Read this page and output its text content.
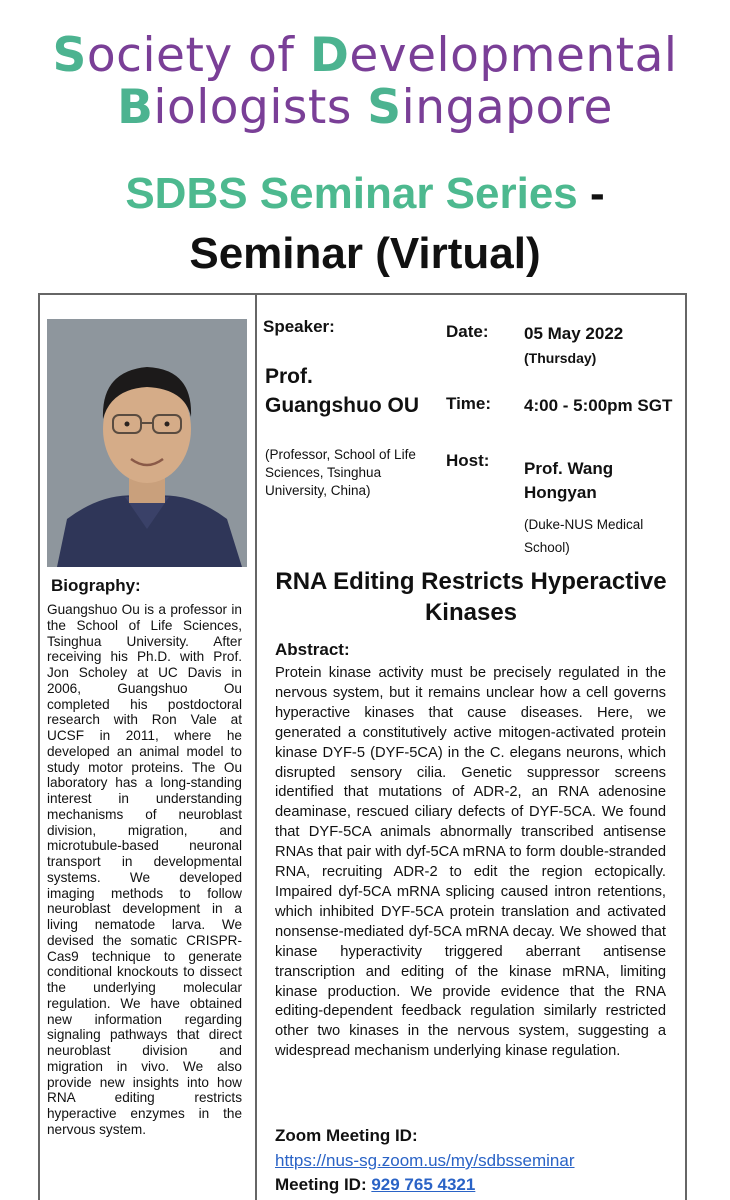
Society of Developmental
Biologists Singapore
SDBS Seminar Series -
Seminar (Virtual)
Biography:
Guangshuo Ou is a professor in the School of Life Sciences, Tsinghua University. After receiving his Ph.D. with Prof. Jon Scholey at UC Davis in 2006, Guangshuo Ou completed his postdoctoral research with Ron Vale at UCSF in 2011, where he developed an animal model to study motor proteins. The Ou laboratory has a long-standing interest in understanding mechanisms of neuroblast division, migration, and microtubule-based neuronal transport in developmental systems. We developed imaging methods to follow neuroblast development in a living nematode larva. We devised the somatic CRISPR-Cas9 technique to generate conditional knockouts to dissect the underlying molecular regulation. We have obtained new information regarding signaling pathways that direct neuroblast division and migration in vivo. We also provide new insights into how RNA editing restricts hyperactive enzymes in the nervous system.
Speaker:
Prof. Guangshuo OU
(Professor, School of Life Sciences, Tsinghua University, China)
Date: 05 May 2022 (Thursday)
Time: 4:00 - 5:00pm SGT
Host: Prof. Wang Hongyan
(Duke-NUS Medical School)
RNA Editing Restricts Hyperactive Kinases
Abstract:
Protein kinase activity must be precisely regulated in the nervous system, but it remains unclear how a cell governs hyperactive kinases that cause diseases. Here, we generated a constitutively active mitogen-activated protein kinase DYF-5 (DYF-5CA) in the C. elegans neurons, which disrupted sensory cilia. Genetic suppressor screens identified that mutations of ADR-2, an RNA adenosine deaminase, rescued ciliary defects of DYF-5CA. We found that DYF-5CA animals abnormally transcribed antisense RNAs that pair with dyf-5CA mRNA to form double-stranded RNA, recruiting ADR-2 to edit the region ectopically. Impaired dyf-5CA mRNA splicing caused intron retentions, which inhibited DYF-5CA protein translation and activated nonsense-mediated dyf-5CA mRNA decay. We showed that kinase hyperactivity triggered aberrant antisense transcription and editing of the kinase mRNA, limiting kinase production. We provide evidence that the RNA editing-dependent feedback regulation similarly restricted other two kinases in the nervous system, suggesting a widespread mechanism underlying kinase regulation.
Zoom Meeting ID:
https://nus-sg.zoom.us/my/sdbsseminar
Meeting ID: 929 765 4321
